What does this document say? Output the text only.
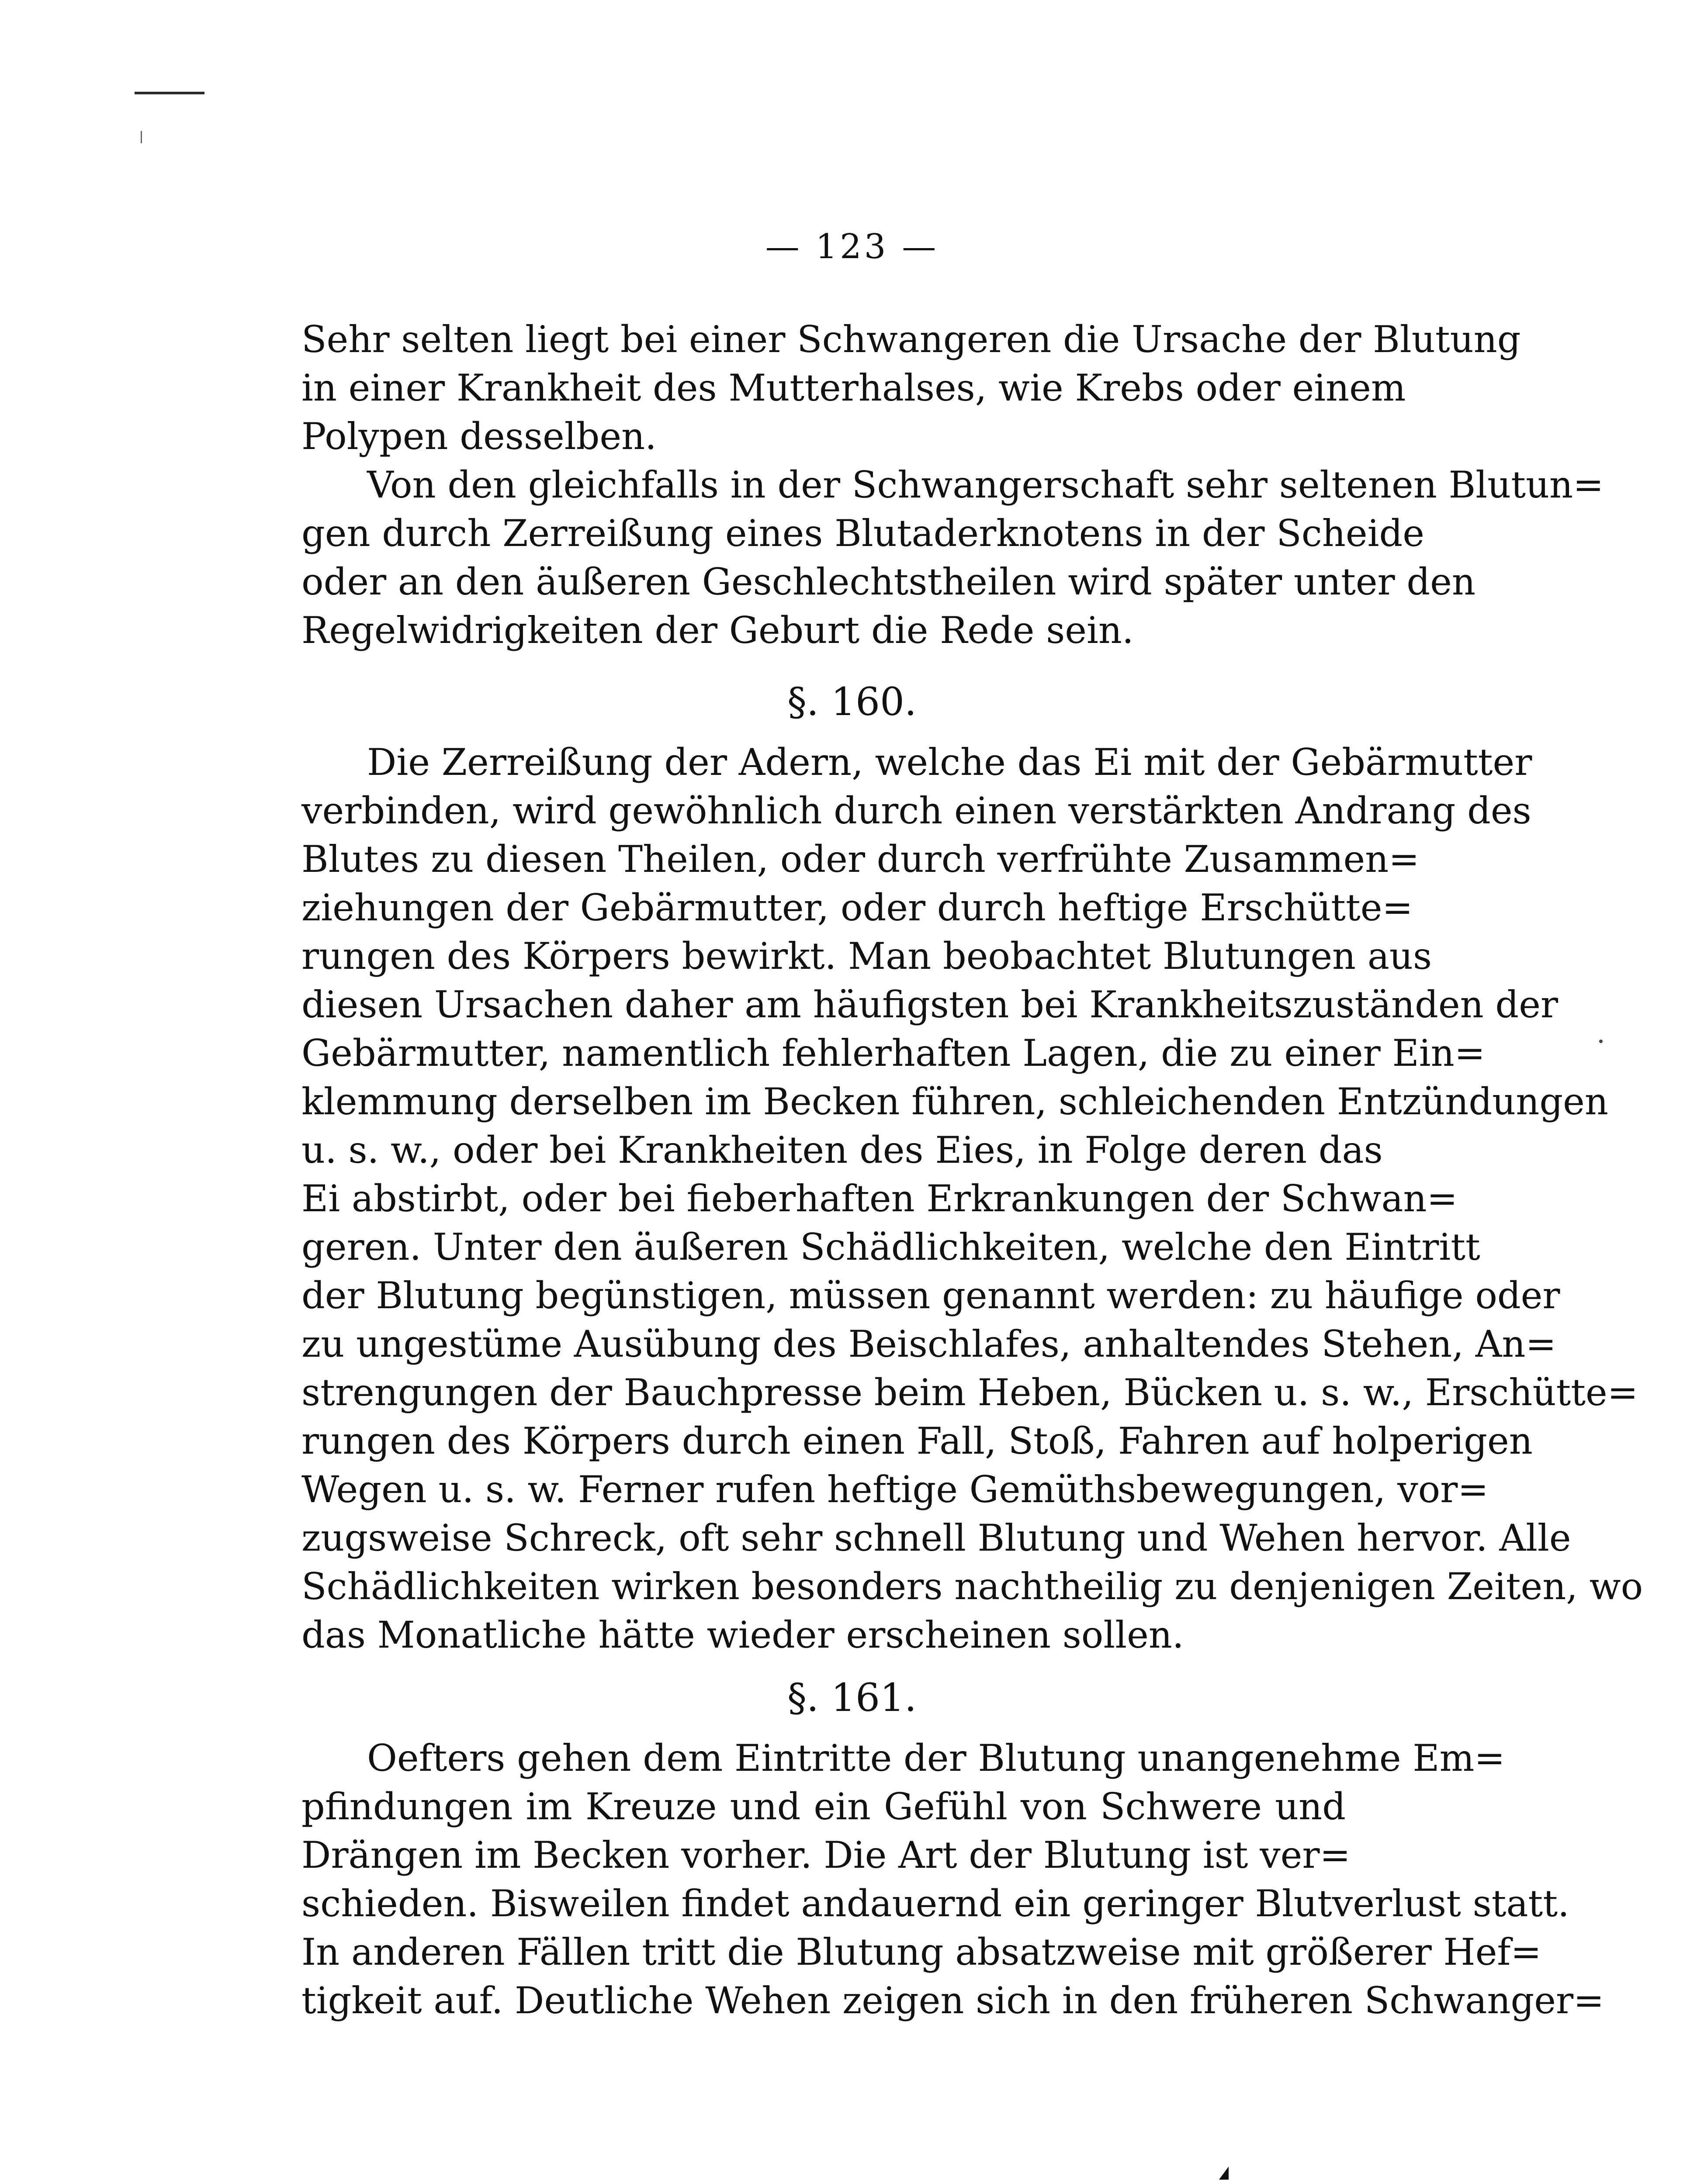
— 123 —
Sehr selten liegt bei einer Schwangeren die Ursache der Blutung
in einer Krankheit des Mutterhalses, wie Krebs oder einem
Polypen desselben.
Von den gleichfalls in der Schwangerschaft sehr seltenen Blutun=
gen durch Zerreißung eines Blutaderknotens in der Scheide
oder an den äußeren Geschlechtstheilen wird später unter den
Regelwidrigkeiten der Geburt die Rede sein.
§. 160.
Die Zerreißung der Adern, welche das Ei mit der Gebärmutter
verbinden, wird gewöhnlich durch einen verstärkten Andrang des
Blutes zu diesen Theilen, oder durch verfrühte Zusammen=
ziehungen der Gebärmutter, oder durch heftige Erschütte=
rungen des Körpers bewirkt. Man beobachtet Blutungen aus
diesen Ursachen daher am häufigsten bei Krankheitszuständen der
Gebärmutter, namentlich fehlerhaften Lagen, die zu einer Ein=
klemmung derselben im Becken führen, schleichenden Entzündungen
u. s. w., oder bei Krankheiten des Eies, in Folge deren das
Ei abstirbt, oder bei fieberhaften Erkrankungen der Schwan=
geren. Unter den äußeren Schädlichkeiten, welche den Eintritt
der Blutung begünstigen, müssen genannt werden: zu häufige oder
zu ungestüme Ausübung des Beischlafes, anhaltendes Stehen, An=
strengungen der Bauchpresse beim Heben, Bücken u. s. w., Erschütte=
rungen des Körpers durch einen Fall, Stoß, Fahren auf holperigen
Wegen u. s. w. Ferner rufen heftige Gemüthsbewegungen, vor=
zugsweise Schreck, oft sehr schnell Blutung und Wehen hervor. Alle
Schädlichkeiten wirken besonders nachtheilig zu denjenigen Zeiten, wo
das Monatliche hätte wieder erscheinen sollen.
§. 161.
Oefters gehen dem Eintritte der Blutung unangenehme Em=
pfindungen im Kreuze und ein Gefühl von Schwere und
Drängen im Becken vorher. Die Art der Blutung ist ver=
schieden. Bisweilen findet andauernd ein geringer Blutverlust statt.
In anderen Fällen tritt die Blutung absatzweise mit größerer Hef=
tigkeit auf. Deutliche Wehen zeigen sich in den früheren Schwanger=
